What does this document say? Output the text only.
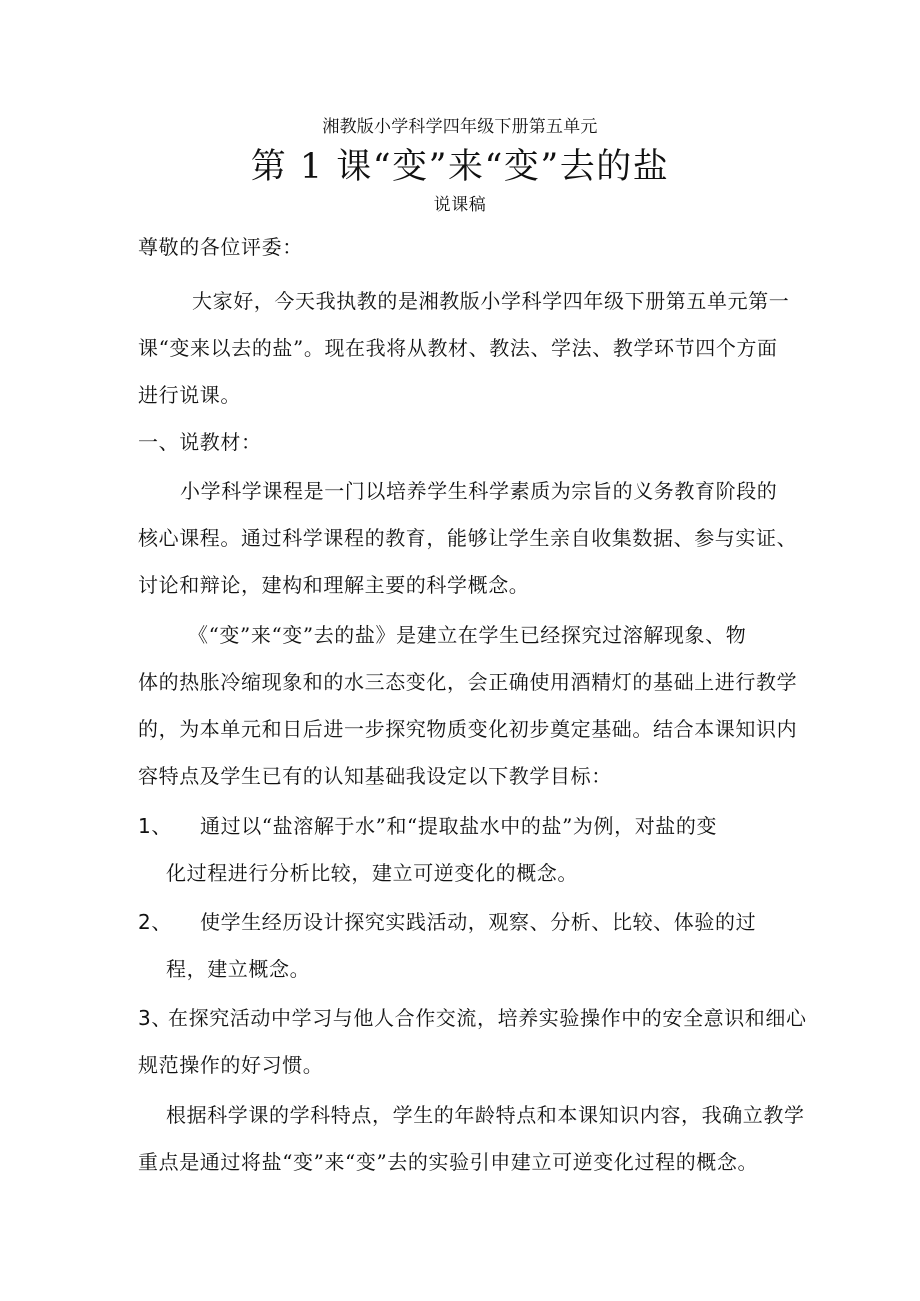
湘教版小学科学四年级下册第五单元
第 1 课“变”来“变”去的盐
说课稿
尊敬的各位评委：
大家好，今天我执教的是湘教版小学科学四年级下册第五单元第一
课“变来以去的盐”。现在我将从教材、教法、学法、教学环节四个方面
进行说课。
一、说教材：
小学科学课程是一门以培养学生科学素质为宗旨的义务教育阶段的
核心课程。通过科学课程的教育，能够让学生亲自收集数据、参与实证、
讨论和辩论，建构和理解主要的科学概念。
《“变”来“变”去的盐》是建立在学生已经探究过溶解现象、物
体的热胀冷缩现象和的水三态变化，会正确使用酒精灯的基础上进行教学
的，为本单元和日后进一步探究物质变化初步奠定基础。结合本课知识内
容特点及学生已有的认知基础我设定以下教学目标：
1、 通过以“盐溶解于水”和“提取盐水中的盐”为例，对盐的变
化过程进行分析比较，建立可逆变化的概念。
2、 使学生经历设计探究实践活动，观察、分析、比较、体验的过
程，建立概念。
3、
在探究活动中学习与他人合作交流，培养实验操作中的安全意识和细心
规范操作的好习惯。
根据科学课的学科特点，学生的年龄特点和本课知识内容，我确立教学
重点是通过将盐“变”来“变”去的实验引申建立可逆变化过程的概念。
